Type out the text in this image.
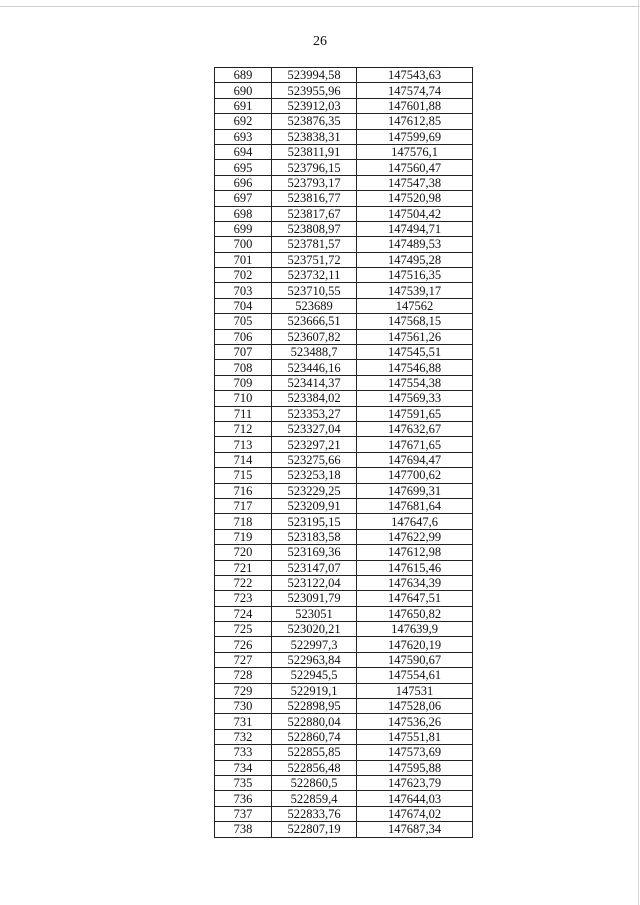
26
689	523994,58	147543,63
690	523955,96	147574,74
691	523912,03	147601,88
692	523876,35	147612,85
693	523838,31	147599,69
694	523811,91	147576,1
695	523796,15	147560,47
696	523793,17	147547,38
697	523816,77	147520,98
698	523817,67	147504,42
699	523808,97	147494,71
700	523781,57	147489,53
701	523751,72	147495,28
702	523732,11	147516,35
703	523710,55	147539,17
704	523689	147562
705	523666,51	147568,15
706	523607,82	147561,26
707	523488,7	147545,51
708	523446,16	147546,88
709	523414,37	147554,38
710	523384,02	147569,33
711	523353,27	147591,65
712	523327,04	147632,67
713	523297,21	147671,65
714	523275,66	147694,47
715	523253,18	147700,62
716	523229,25	147699,31
717	523209,91	147681,64
718	523195,15	147647,6
719	523183,58	147622,99
720	523169,36	147612,98
721	523147,07	147615,46
722	523122,04	147634,39
723	523091,79	147647,51
724	523051	147650,82
725	523020,21	147639,9
726	522997,3	147620,19
727	522963,84	147590,67
728	522945,5	147554,61
729	522919,1	147531
730	522898,95	147528,06
731	522880,04	147536,26
732	522860,74	147551,81
733	522855,85	147573,69
734	522856,48	147595,88
735	522860,5	147623,79
736	522859,4	147644,03
737	522833,76	147674,02
738	522807,19	147687,34
